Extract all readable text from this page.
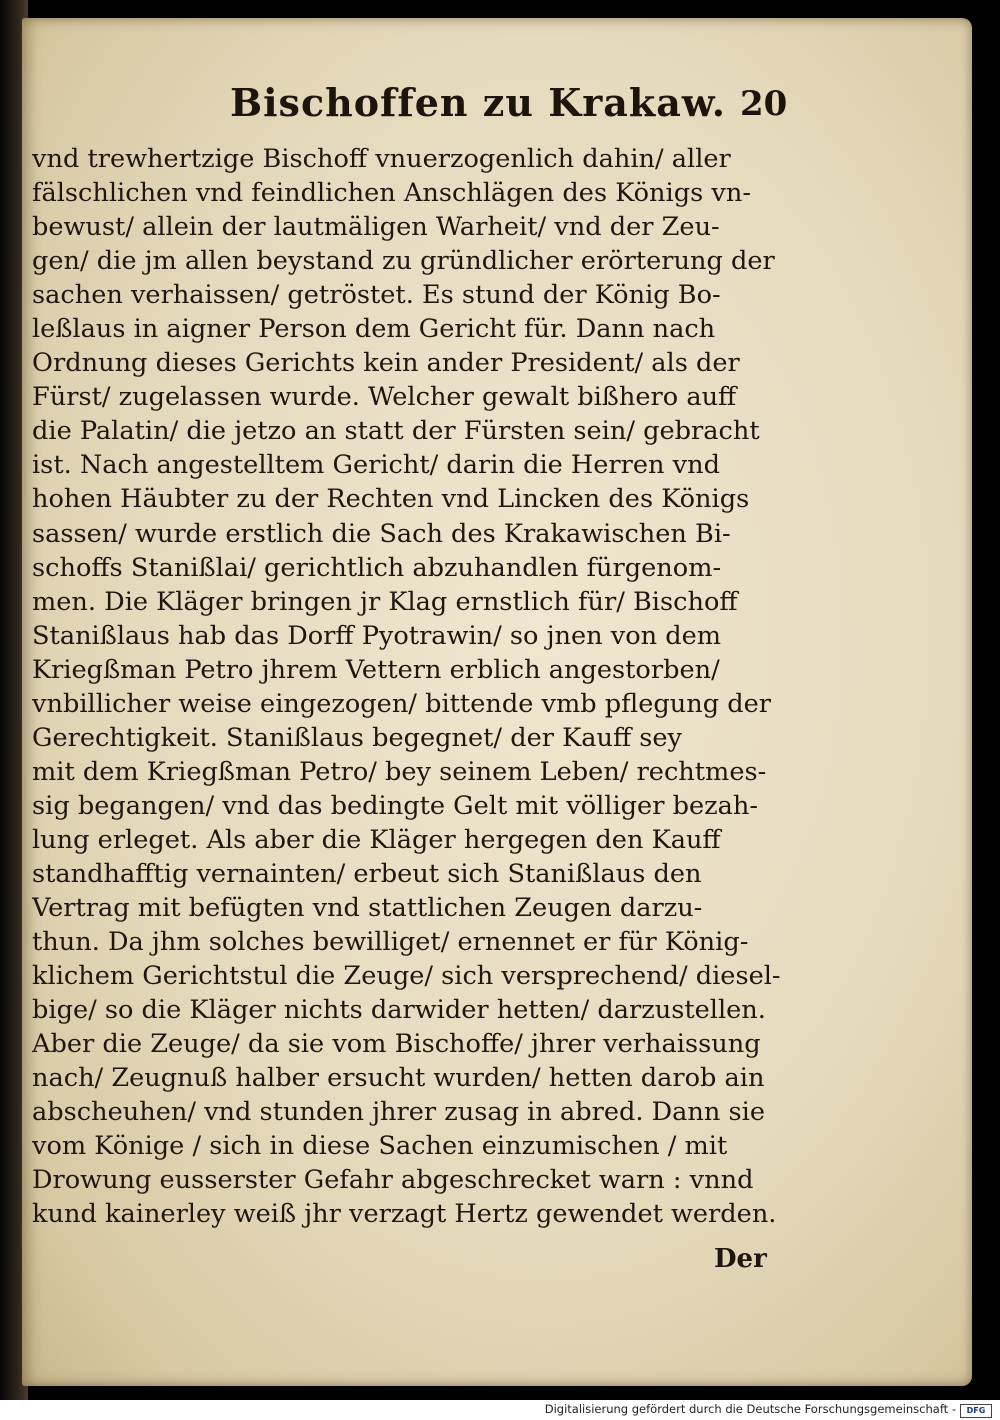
Bischoffen zu Krakaw. 20
vnd trewhertzige Bischoff vnuerzogenlich dahin/ aller
fälschlichen vnd feindlichen Anschlägen des Königs vn-
bewust/ allein der lautmäligen Warheit/ vnd der Zeu-
gen/ die jm allen beystand zu gründlicher erörterung der
sachen verhaissen/ getröstet. Es stund der König Bo-
leßlaus in aigner Person dem Gericht für. Dann nach
Ordnung dieses Gerichts kein ander President/ als der
Fürst/ zugelassen wurde. Welcher gewalt bißhero auff
die Palatin/ die jetzo an statt der Fürsten sein/ gebracht
ist. Nach angestelltem Gericht/ darin die Herren vnd
hohen Häubter zu der Rechten vnd Lincken des Königs
sassen/ wurde erstlich die Sach des Krakawischen Bi-
schoffs Stanißlai/ gerichtlich abzuhandlen fürgenom-
men. Die Kläger bringen jr Klag ernstlich für/ Bischoff
Stanißlaus hab das Dorff Pyotrawin/ so jnen von dem
Kriegßman Petro jhrem Vettern erblich angestorben/
vnbillicher weise eingezogen/ bittende vmb pflegung der
Gerechtigkeit. Stanißlaus begegnet/ der Kauff sey
mit dem Kriegßman Petro/ bey seinem Leben/ rechtmes-
sig begangen/ vnd das bedingte Gelt mit völliger bezah-
lung erleget. Als aber die Kläger hergegen den Kauff
standhafftig vernainten/ erbeut sich Stanißlaus den
Vertrag mit befügten vnd stattlichen Zeugen darzu-
thun. Da jhm solches bewilliget/ ernennet er für König-
klichem Gerichtstul die Zeuge/ sich versprechend/ diesel-
bige/ so die Kläger nichts darwider hetten/ darzustellen.
Aber die Zeuge/ da sie vom Bischoffe/ jhrer verhaissung
nach/ Zeugnuß halber ersucht wurden/ hetten darob ain
abscheuhen/ vnd stunden jhrer zusag in abred. Dann sie
vom Könige / sich in diese Sachen einzumischen / mit
Drowung eusserster Gefahr abgeschrecket warn : vnnd
kund kainerley weiß jhr verzagt Hertz gewendet werden.
Der
Digitalisierung gefördert durch die Deutsche Forschungsgemeinschaft -	DFG
